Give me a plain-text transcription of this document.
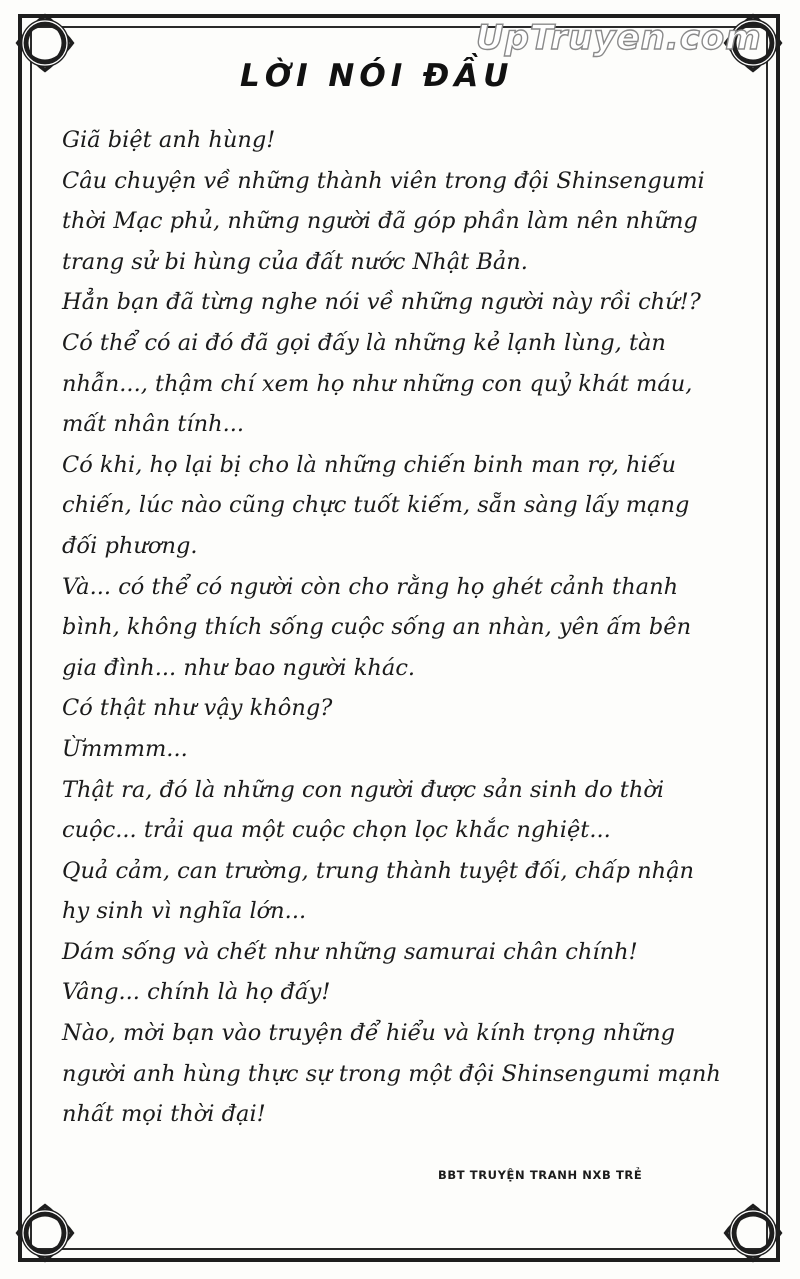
UpTruyen.com
LỜI NÓI ĐẦU
Giã biệt anh hùng!
Câu chuyện về những thành viên trong đội Shinsengumi
thời Mạc phủ, những người đã góp phần làm nên những
trang sử bi hùng của đất nước Nhật Bản.
Hẳn bạn đã từng nghe nói về những người này rồi chứ!?
Có thể có ai đó đã gọi đấy là những kẻ lạnh lùng, tàn
nhẫn..., thậm chí xem họ như những con quỷ khát máu,
mất nhân tính...
Có khi, họ lại bị cho là những chiến binh man rợ, hiếu
chiến, lúc nào cũng chực tuốt kiếm, sẵn sàng lấy mạng
đối phương.
Và... có thể có người còn cho rằng họ ghét cảnh thanh
bình, không thích sống cuộc sống an nhàn, yên ấm bên
gia đình... như bao người khác.
Có thật như vậy không?
Ừmmmm...
Thật ra, đó là những con người được sản sinh do thời
cuộc... trải qua một cuộc chọn lọc khắc nghiệt...
Quả cảm, can trường, trung thành tuyệt đối, chấp nhận
hy sinh vì nghĩa lớn...
Dám sống và chết như những samurai chân chính!
Vâng... chính là họ đấy!
Nào, mời bạn vào truyện để hiểu và kính trọng những
người anh hùng thực sự trong một đội Shinsengumi mạnh
nhất mọi thời đại!
BBT TRUYỆN TRANH NXB TRẺ
